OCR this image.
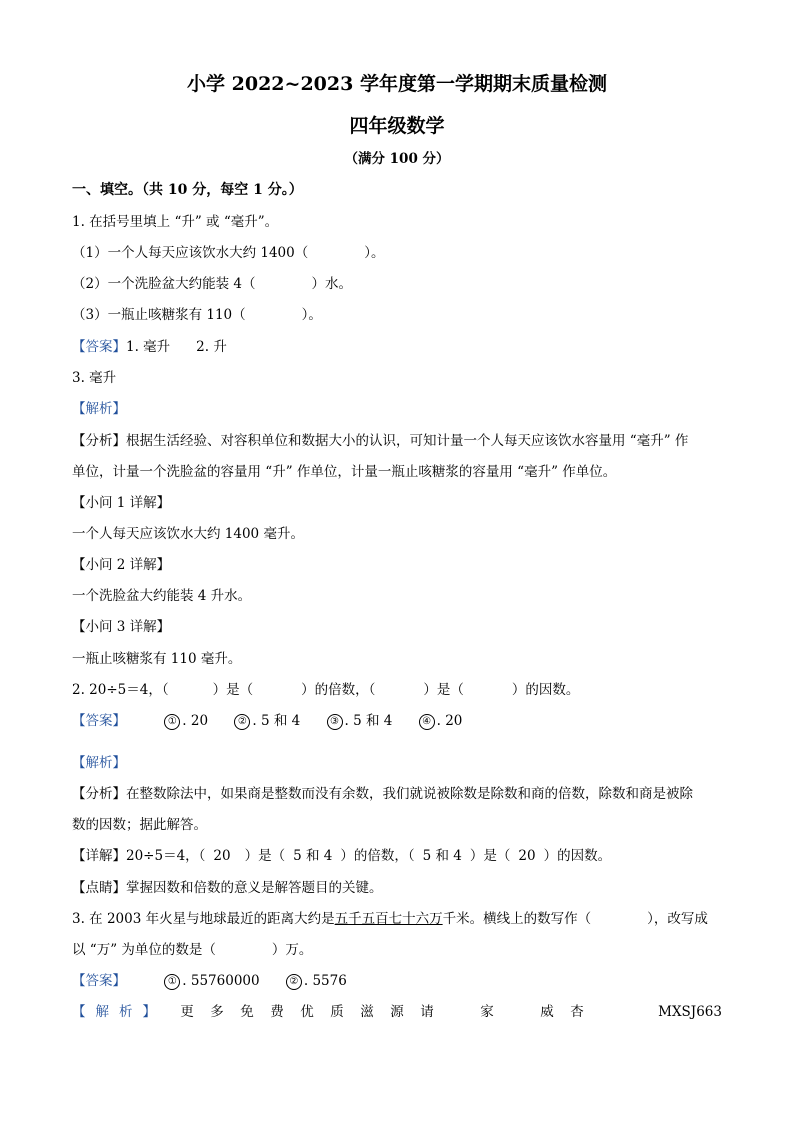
小学 2022~2023 学年度第一学期期末质量检测
四年级数学
（满分 100 分）
一、填空。（共 10 分，每空 1 分。）
1. 在括号里填上 “升” 或 “毫升”。
（1）一个人每天应该饮水大约 1400（	）。
（2）一个洗脸盆大约能装 4（	）水。
（3）一瓶止咳糖浆有 110（	）。
【答案】1. 毫升 2. 升
3. 毫升
【解析】
【分析】根据生活经验、对容积单位和数据大小的认识，可知计量一个人每天应该饮水容量用 “毫升” 作
单位，计量一个洗脸盆的容量用 “升” 作单位，计量一瓶止咳糖浆的容量用 “毫升” 作单位。
【小问 1 详解】
一个人每天应该饮水大约 1400 毫升。
【小问 2 详解】
一个洗脸盆大约能装 4 升水。
【小问 3 详解】
一瓶止咳糖浆有 110 毫升。
2. 20÷5＝4，（	）是（	）的倍数，（	）是（	）的因数。
【答案】	① . 20	② . 5 和 4	③ . 5 和 4	④ . 20
【解析】
【分析】在整数除法中，如果商是整数而没有余数，我们就说被除数是除数和商的倍数，除数和商是被除
数的因数；据此解答。
【详解】20÷5＝4，（ 20 ）是（ 5 和 4 ）的倍数，（ 5 和 4 ）是（ 20 ）的因数。
【点睛】掌握因数和倍数的意义是解答题目的关键。
3. 在 2003 年火星与地球最近的距离大约是五千五百七十六万千米。横线上的数写作（	），改写成
以 “万” 为单位的数是（	）万。
【答案】	① . 55760000	② . 5576
【解析】 更 多 免 费 优 质 滋 源 请	家	威 杏	MXSJ663
